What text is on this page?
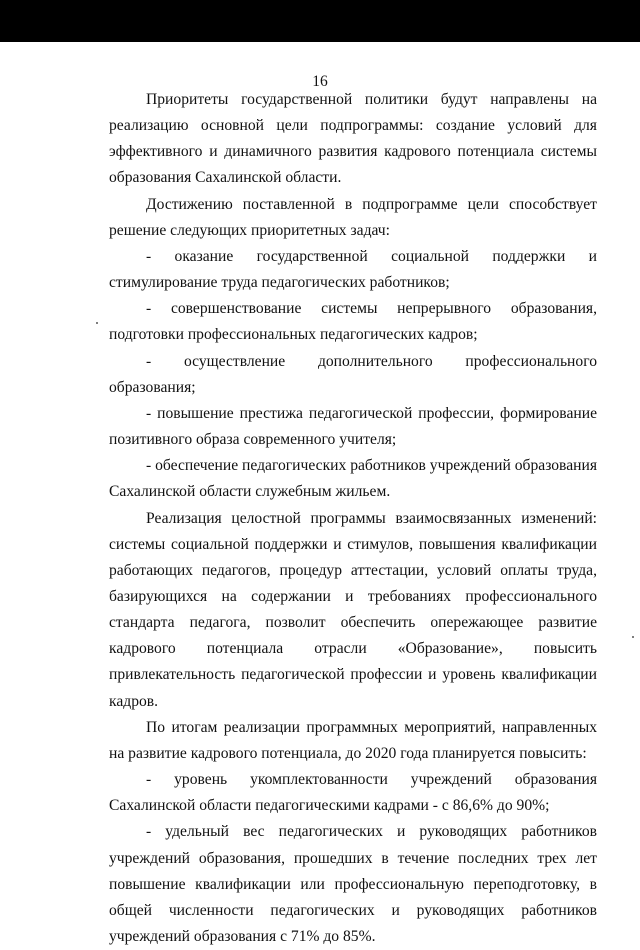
16

Приоритеты государственной политики будут направлены на реализацию основной цели подпрограммы: создание условий для эффективного и динамичного развития кадрового потенциала системы образования Сахалинской области.

Достижению поставленной в подпрограмме цели способствует решение следующих приоритетных задач:

- оказание государственной социальной поддержки и стимулирование труда педагогических работников;

- совершенствование системы непрерывного образования, подготовки профессиональных педагогических кадров;

- осуществление дополнительного профессионального образования;

- повышение престижа педагогической профессии, формирование позитивного образа современного учителя;

- обеспечение педагогических работников учреждений образования Сахалинской области служебным жильем.

Реализация целостной программы взаимосвязанных изменений: системы социальной поддержки и стимулов, повышения квалификации работающих педагогов, процедур аттестации, условий оплаты труда, базирующихся на содержании и требованиях профессионального стандарта педагога, позволит обеспечить опережающее развитие кадрового потенциала отрасли «Образование», повысить привлекательность педагогической профессии и уровень квалификации кадров.

По итогам реализации программных мероприятий, направленных на развитие кадрового потенциала, до 2020 года планируется повысить:

- уровень укомплектованности учреждений образования Сахалинской области педагогическими кадрами - с 86,6% до 90%;

- удельный вес педагогических и руководящих работников учреждений образования, прошедших в течение последних трех лет повышение квалификации или профессиональную переподготовку, в общей численности педагогических и руководящих работников учреждений образования с 71% до 85%.
